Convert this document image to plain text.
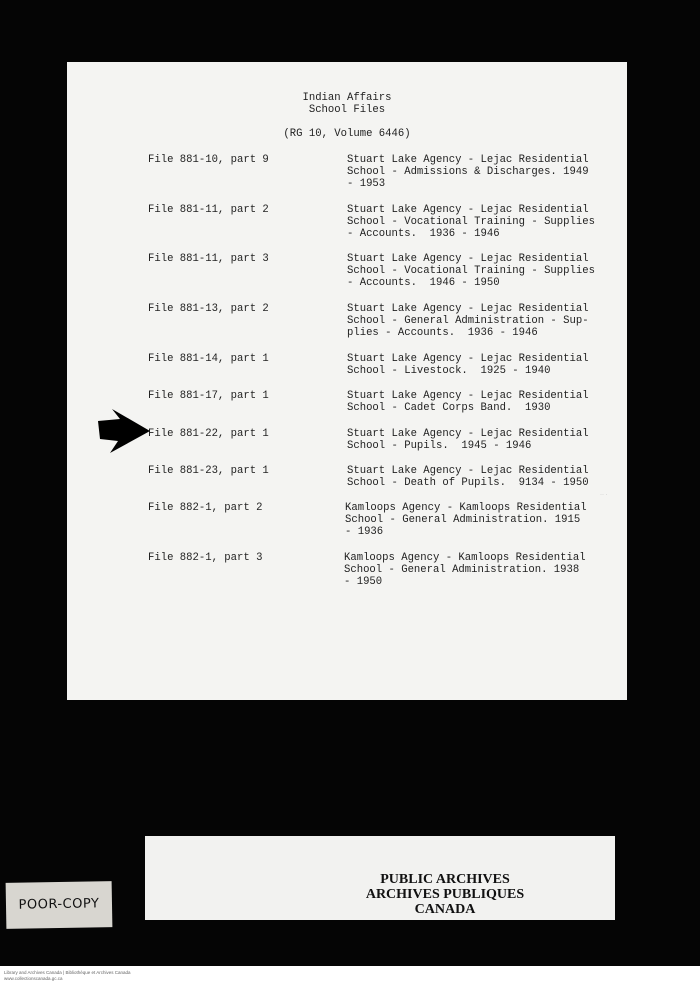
Indian Affairs
School Files
(RG 10, Volume 6446)
File 881-10, part 9	Stuart Lake Agency - Lejac Residential
School - Admissions & Discharges. 1949
- 1953
File 881-11, part 2	Stuart Lake Agency - Lejac Residential
School - Vocational Training - Supplies
- Accounts.  1936 - 1946
File 881-11, part 3	Stuart Lake Agency - Lejac Residential
School - Vocational Training - Supplies
- Accounts.  1946 - 1950
File 881-13, part 2	Stuart Lake Agency - Lejac Residential
School - General Administration - Sup-
plies - Accounts.  1936 - 1946
File 881-14, part 1	Stuart Lake Agency - Lejac Residential
School - Livestock.  1925 - 1940
File 881-17, part 1	Stuart Lake Agency - Lejac Residential
School - Cadet Corps Band.  1930
File 881-22, part 1	Stuart Lake Agency - Lejac Residential
School - Pupils.  1945 - 1946
File 881-23, part 1	Stuart Lake Agency - Lejac Residential
School - Death of Pupils.  9134 - 1950
File 882-1, part 2	Kamloops Agency - Kamloops Residential
School - General Administration. 1915
- 1936
File 882-1, part 3	Kamloops Agency - Kamloops Residential
School - General Administration. 1938
- 1950
·· ·
PUBLIC ARCHIVES
ARCHIVES PUBLIQUES
CANADA
POOR-COPY
Library and Archives Canada | Bibliothèque et Archives Canada
www.collectionscanada.gc.ca
